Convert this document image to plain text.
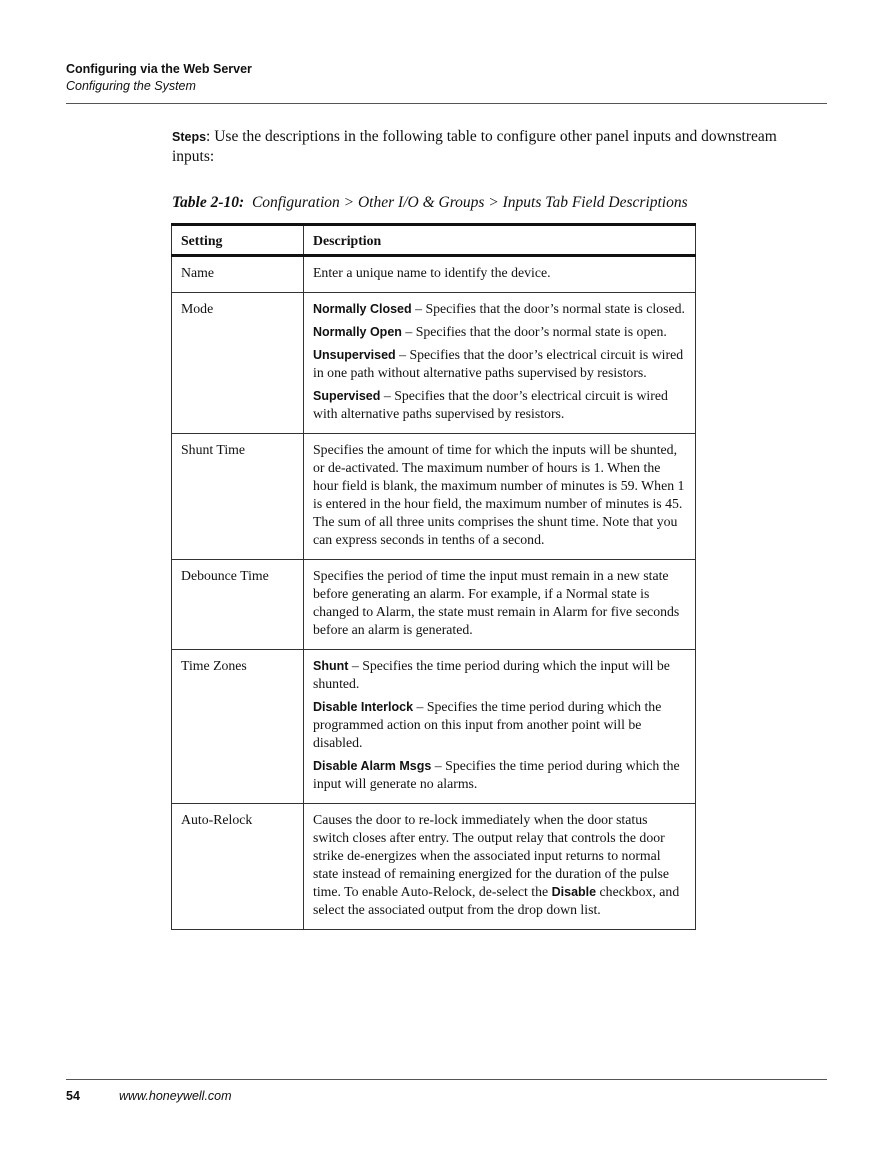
Configuring via the Web Server
Configuring the System
Steps: Use the descriptions in the following table to configure other panel inputs and downstream inputs:
Table 2-10: Configuration > Other I/O & Groups > Inputs Tab Field Descriptions
Setting	Description
Name	Enter a unique name to identify the device.

Mode	Normally Closed – Specifies that the door’s normal state is closed.

Normally Open – Specifies that the door’s normal state is open.

Unsupervised – Specifies that the door’s electrical circuit is wired in one path without alternative paths supervised by resistors.

Supervised – Specifies that the door’s electrical circuit is wired with alternative paths supervised by resistors.

Shunt Time	Specifies the amount of time for which the inputs will be shunted, or de-activated. The maximum number of hours is 1. When the hour field is blank, the maximum number of minutes is 59. When 1 is entered in the hour field, the maximum number of minutes is 45. The sum of all three units comprises the shunt time. Note that you can express seconds in tenths of a second.

Debounce Time	Specifies the period of time the input must remain in a new state before generating an alarm. For example, if a Normal state is changed to Alarm, the state must remain in Alarm for five seconds before an alarm is generated.

Time Zones	Shunt – Specifies the time period during which the input will be shunted.

Disable Interlock – Specifies the time period during which the programmed action on this input from another point will be disabled.

Disable Alarm Msgs – Specifies the time period during which the input will generate no alarms.

Auto-Relock	Causes the door to re-lock immediately when the door status switch closes after entry. The output relay that controls the door strike de-energizes when the associated input returns to normal state instead of remaining energized for the duration of the pulse time. To enable Auto-Relock, de-select the Disable checkbox, and select the associated output from the drop down list.

54	www.honeywell.com
